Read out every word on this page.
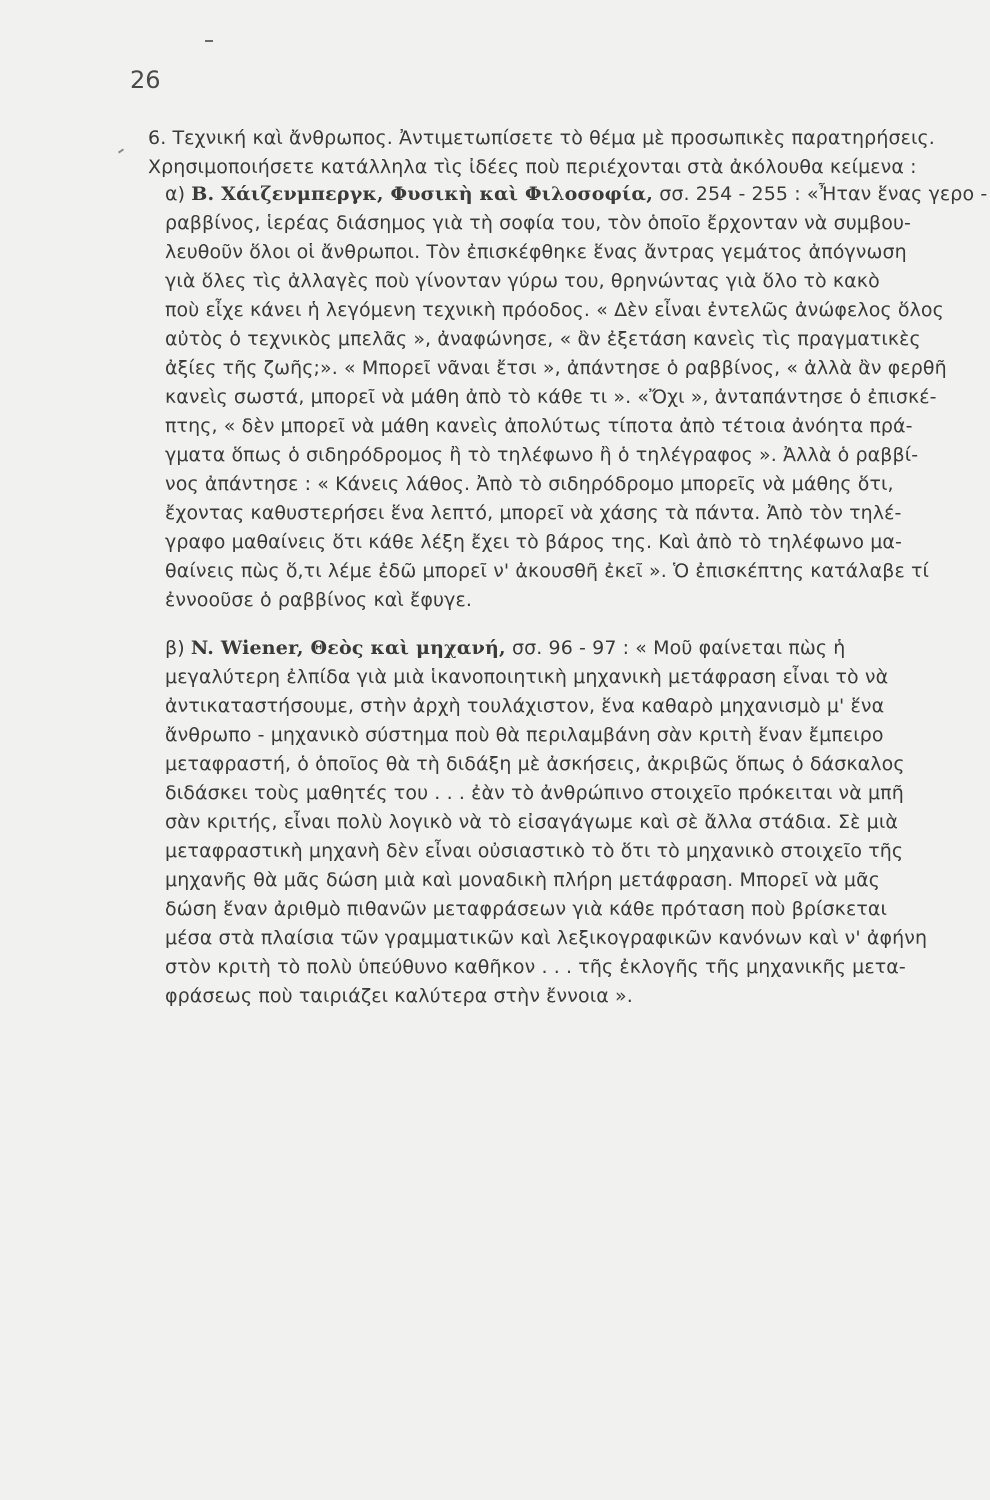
26
6. Τεχνική καὶ ἄνθρωπος. Ἀντιμετωπίσετε τὸ θέμα μὲ προσωπικὲς παρατηρήσεις.
Χρησιμοποιήσετε κατάλληλα τὶς ἰδέες ποὺ περιέχονται στὰ ἀκόλουθα κείμενα :
α) Β. Χάιζενμπεργκ, Φυσικὴ καὶ Φιλοσοφία, σσ. 254 - 255 : «Ἦταν ἕνας γερο -
ραββίνος, ἱερέας διάσημος γιὰ τὴ σοφία του, τὸν ὁποῖο ἔρχονταν νὰ συμβου-
λευθοῦν ὅλοι οἱ ἄνθρωποι. Τὸν ἐπισκέφθηκε ἕνας ἄντρας γεμάτος ἀπόγνωση
γιὰ ὅλες τὶς ἀλλαγὲς ποὺ γίνονταν γύρω του, θρηνώντας γιὰ ὅλο τὸ κακὸ
ποὺ εἶχε κάνει ἡ λεγόμενη τεχνικὴ πρόοδος. « Δὲν εἶναι ἐντελῶς ἀνώφελος ὅλος
αὐτὸς ὁ τεχνικὸς μπελᾶς », ἀναφώνησε, « ἂν ἐξετάση κανεὶς τὶς πραγματικὲς
ἀξίες τῆς ζωῆς;». « Μπορεῖ νᾶναι ἔτσι », ἀπάντησε ὁ ραββίνος, « ἀλλὰ ἂν φερθῆ
κανεὶς σωστά, μπορεῖ νὰ μάθη ἀπὸ τὸ κάθε τι ». «Ὄχι », ἀνταπάντησε ὁ ἐπισκέ-
πτης, « δὲν μπορεῖ νὰ μάθη κανεὶς ἀπολύτως τίποτα ἀπὸ τέτοια ἀνόητα πρά-
γματα ὅπως ὁ σιδηρόδρομος ἢ τὸ τηλέφωνο ἢ ὁ τηλέγραφος ». Ἀλλὰ ὁ ραββί-
νος ἀπάντησε : « Κάνεις λάθος. Ἀπὸ τὸ σιδηρόδρομο μπορεῖς νὰ μάθης ὅτι,
ἔχοντας καθυστερήσει ἕνα λεπτό, μπορεῖ νὰ χάσης τὰ πάντα. Ἀπὸ τὸν τηλέ-
γραφο μαθαίνεις ὅτι κάθε λέξη ἔχει τὸ βάρος της. Καὶ ἀπὸ τὸ τηλέφωνο μα-
θαίνεις πὼς ὅ,τι λέμε ἐδῶ μπορεῖ ν' ἀκουσθῆ ἐκεῖ ». Ὁ ἐπισκέπτης κατάλαβε τί
ἐννοοῦσε ὁ ραββίνος καὶ ἔφυγε.
β) N. Wiener, Θεὸς καὶ μηχανή, σσ. 96 - 97 : « Μοῦ φαίνεται πὼς ἡ
μεγαλύτερη ἐλπίδα γιὰ μιὰ ἱκανοποιητικὴ μηχανικὴ μετάφραση εἶναι τὸ νὰ
ἀντικαταστήσουμε, στὴν ἀρχὴ τουλάχιστον, ἕνα καθαρὸ μηχανισμὸ μ' ἕνα
ἄνθρωπο - μηχανικὸ σύστημα ποὺ θὰ περιλαμβάνη σὰν κριτὴ ἕναν ἔμπειρο
μεταφραστή, ὁ ὁποῖος θὰ τὴ διδάξη μὲ ἀσκήσεις, ἀκριβῶς ὅπως ὁ δάσκαλος
διδάσκει τοὺς μαθητές του . . . ἐὰν τὸ ἀνθρώπινο στοιχεῖο πρόκειται νὰ μπῆ
σὰν κριτής, εἶναι πολὺ λογικὸ νὰ τὸ εἰσαγάγωμε καὶ σὲ ἄλλα στάδια. Σὲ μιὰ
μεταφραστικὴ μηχανὴ δὲν εἶναι οὐσιαστικὸ τὸ ὅτι τὸ μηχανικὸ στοιχεῖο τῆς
μηχανῆς θὰ μᾶς δώση μιὰ καὶ μοναδικὴ πλήρη μετάφραση. Μπορεῖ νὰ μᾶς
δώση ἕναν ἀριθμὸ πιθανῶν μεταφράσεων γιὰ κάθε πρόταση ποὺ βρίσκεται
μέσα στὰ πλαίσια τῶν γραμματικῶν καὶ λεξικογραφικῶν κανόνων καὶ ν' ἀφήνη
στὸν κριτὴ τὸ πολὺ ὑπεύθυνο καθῆκον . . . τῆς ἐκλογῆς τῆς μηχανικῆς μετα-
φράσεως ποὺ ταιριάζει καλύτερα στὴν ἔννοια ».
